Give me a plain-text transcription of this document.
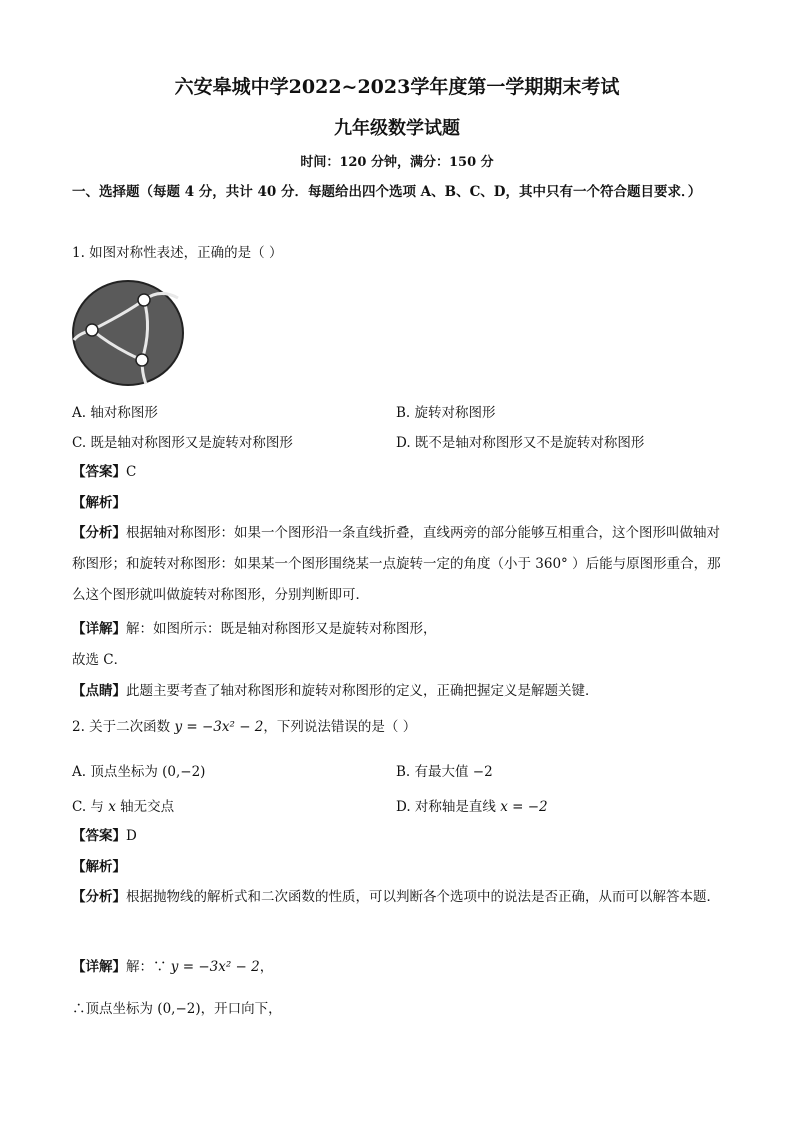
六安皋城中学2022~2023学年度第一学期期末考试
九年级数学试题
时间：120 分钟，满分：150 分
一、选择题（每题 4 分，共计 40 分．每题给出四个选项 A、B、C、D，其中只有一个符合题目要求．）
1. 如图对称性表述，正确的是（ ）
A. 轴对称图形	B. 旋转对称图形
C. 既是轴对称图形又是旋转对称图形	D. 既不是轴对称图形又不是旋转对称图形
【答案】C
【解析】
【分析】根据轴对称图形：如果一个图形沿一条直线折叠，直线两旁的部分能够互相重合，这个图形叫做轴对称图形；和旋转对称图形：如果某一个图形围绕某一点旋转一定的角度（小于 360° ）后能与原图形重合，那么这个图形就叫做旋转对称图形，分别判断即可．
【详解】解：如图所示：既是轴对称图形又是旋转对称图形，
故选 C．
【点睛】此题主要考查了轴对称图形和旋转对称图形的定义，正确把握定义是解题关键．
2. 关于二次函数 y = −3x² − 2，下列说法错误的是（ ）
A. 顶点坐标为 (0,−2)	B. 有最大值 −2
C. 与 x 轴无交点	D. 对称轴是直线 x = −2
【答案】D
【解析】
【分析】根据抛物线的解析式和二次函数的性质，可以判断各个选项中的说法是否正确，从而可以解答本题．
【详解】解：∵ y = −3x² − 2，
∴顶点坐标为 (0,−2)，开口向下，
